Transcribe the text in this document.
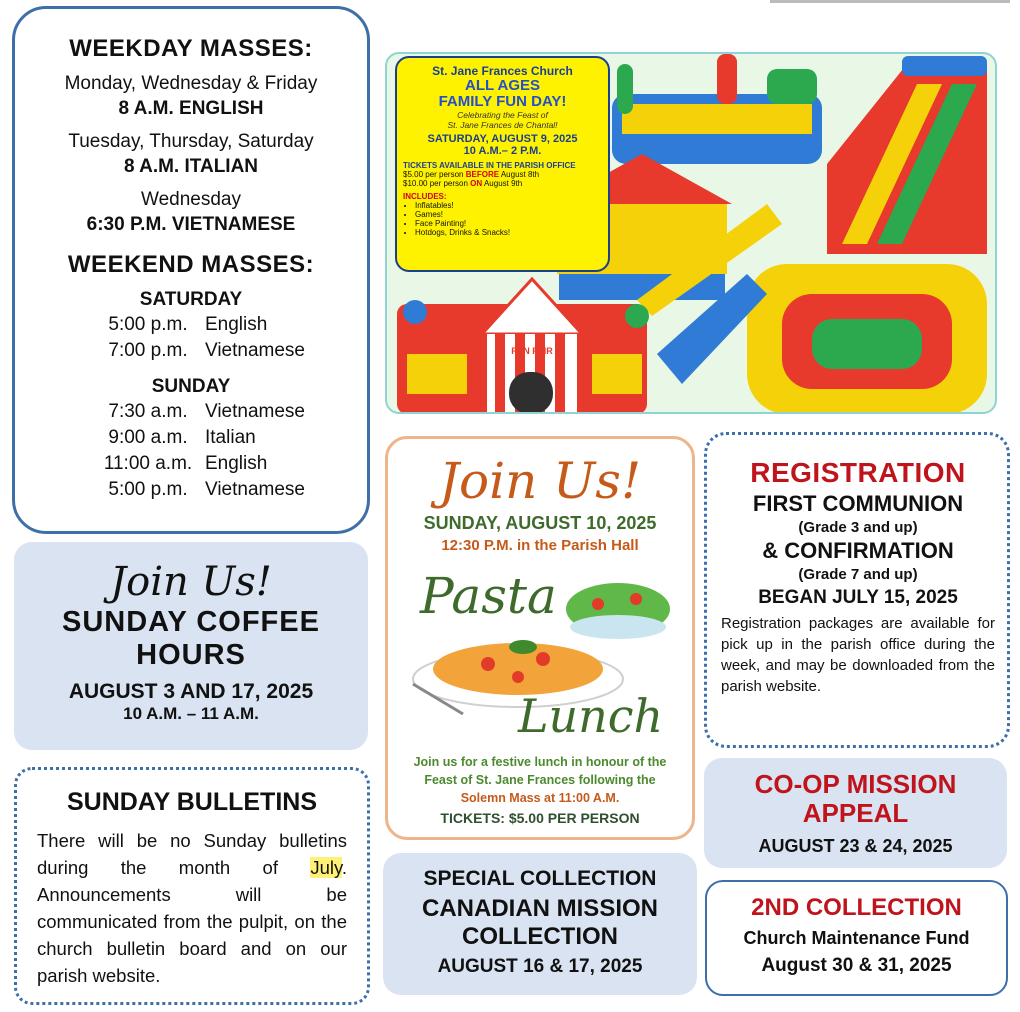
WEEKDAY MASSES:
Monday, Wednesday & Friday
8 A.M. ENGLISH
Tuesday, Thursday, Saturday
8 A.M. ITALIAN
Wednesday
6:30 P.M. VIETNAMESE
WEEKEND MASSES:
SATURDAY
5:00 p.m. English
7:00 p.m. Vietnamese
SUNDAY
7:30 a.m. Vietnamese
9:00 a.m. Italian
11:00 a.m. English
5:00 p.m. Vietnamese
Join Us!
SUNDAY COFFEE
HOURS
AUGUST 3 AND 17, 2025
10 A.M. – 11 A.M.
SUNDAY BULLETINS

There will be no Sunday bulletins during the month of July. Announcements will be communicated from the pulpit, on the church bulletin board and on our parish website.

FUN FAIR	TICKET
St. Jane Frances Church
ALL AGES
FAMILY FUN DAY!
Celebrating the Feast of
St. Jane Frances de Chantal!
SATURDAY, AUGUST 9, 2025
10 A.M.– 2 P.M.
TICKETS AVAILABLE IN THE PARISH OFFICE
$5.00 per person BEFORE August 8th
$10.00 per person ON August 9th
INCLUDES:
• Inflatables!
• Games!
• Face Painting!
• Hotdogs, Drinks & Snacks!
Join Us!
SUNDAY, AUGUST 10, 2025
12:30 P.M. in the Parish Hall
Pasta
Lunch
Join us for a festive lunch in honour of the
Feast of St. Jane Frances following the
Solemn Mass at 11:00 A.M.
TICKETS: $5.00 PER PERSON
SPECIAL COLLECTION
CANADIAN MISSION
COLLECTION
AUGUST 16 & 17, 2025
REGISTRATION
FIRST COMMUNION
(Grade 3 and up)
& CONFIRMATION
(Grade 7 and up)
BEGAN JULY 15, 2025
Registration packages are available for pick up in the parish office during the week, and may be downloaded from the parish website.
CO-OP MISSION
APPEAL
AUGUST 23 & 24, 2025
2ND COLLECTION
Church Maintenance Fund
August 30 & 31, 2025
